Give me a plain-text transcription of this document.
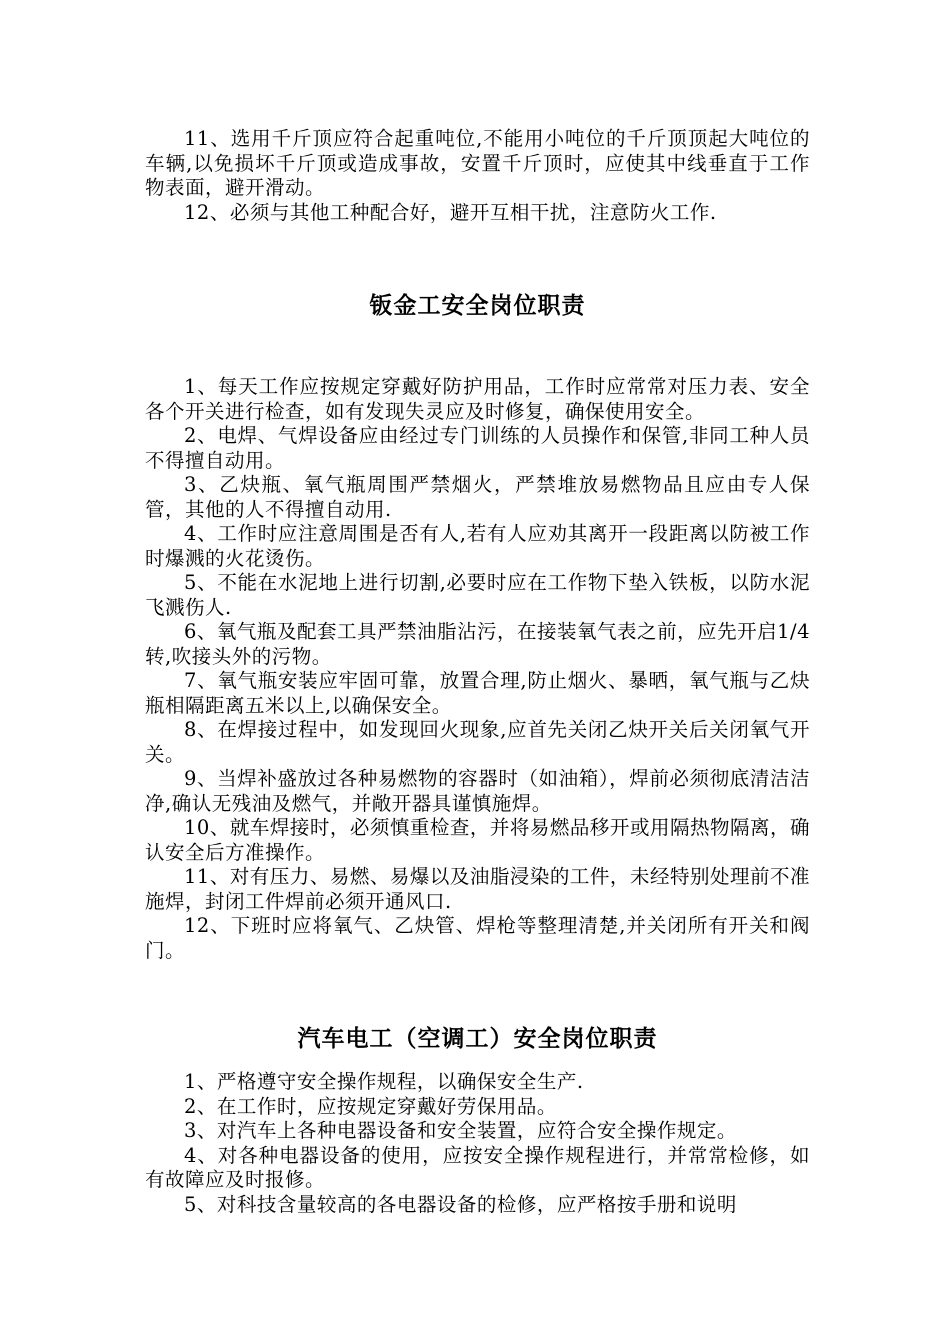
11、选用千斤顶应符合起重吨位,不能用小吨位的千斤顶顶起大吨位的车辆,以免损坏千斤顶或造成事故，安置千斤顶时，应使其中线垂直于工作物表面，避开滑动。

12、必须与其他工种配合好，避开互相干扰，注意防火工作.

钣金工安全岗位职责

1、每天工作应按规定穿戴好防护用品，工作时应常常对压力表、安全各个开关进行检查，如有发现失灵应及时修复，确保使用安全。

2、电焊、气焊设备应由经过专门训练的人员操作和保管,非同工种人员不得擅自动用。

3、乙炔瓶、氧气瓶周围严禁烟火，严禁堆放易燃物品且应由专人保管，其他的人不得擅自动用.

4、工作时应注意周围是否有人,若有人应劝其离开一段距离以防被工作时爆溅的火花烫伤。

5、不能在水泥地上进行切割,必要时应在工作物下垫入铁板，以防水泥飞溅伤人.

6、氧气瓶及配套工具严禁油脂沾污，在接装氧气表之前，应先开启1/4转,吹接头外的污物。

7、氧气瓶安装应牢固可靠，放置合理,防止烟火、暴晒，氧气瓶与乙炔瓶相隔距离五米以上,以确保安全。

8、在焊接过程中，如发现回火现象,应首先关闭乙炔开关后关闭氧气开关。

9、当焊补盛放过各种易燃物的容器时（如油箱），焊前必须彻底清洁洁净,确认无残油及燃气，并敞开器具谨慎施焊。

10、就车焊接时，必须慎重检查，并将易燃品移开或用隔热物隔离，确认安全后方准操作。

11、对有压力、易燃、易爆以及油脂浸染的工件，未经特别处理前不准施焊，封闭工件焊前必须开通风口.

12、下班时应将氧气、乙炔管、焊枪等整理清楚,并关闭所有开关和阀门。

汽车电工（空调工）安全岗位职责

1、严格遵守安全操作规程，以确保安全生产.

2、在工作时，应按规定穿戴好劳保用品。

3、对汽车上各种电器设备和安全装置，应符合安全操作规定。

4、对各种电器设备的使用，应按安全操作规程进行，并常常检修，如有故障应及时报修。

5、对科技含量较高的各电器设备的检修，应严格按手册和说明
